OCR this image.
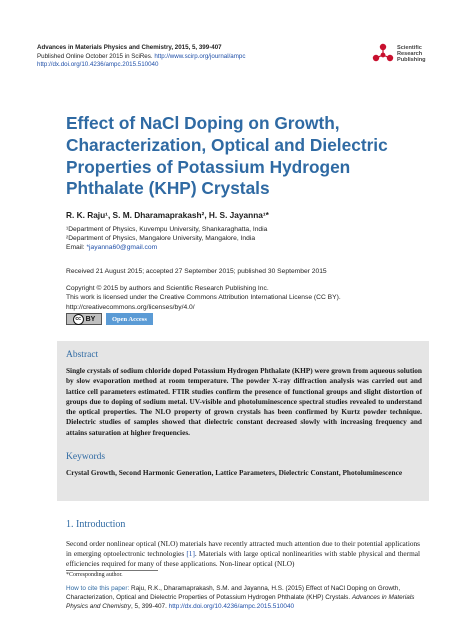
Advances in Materials Physics and Chemistry, 2015, 5, 399-407
Published Online October 2015 in SciRes. http://www.scirp.org/journal/ampc
http://dx.doi.org/10.4236/ampc.2015.510040
Scientific
Research
Publishing
Effect of NaCl Doping on Growth, Characterization, Optical and Dielectric Properties of Potassium Hydrogen Phthalate (KHP) Crystals
R. K. Raju¹, S. M. Dharamaprakash², H. S. Jayanna¹*
¹Department of Physics, Kuvempu University, Shankaraghatta, India
²Department of Physics, Mangalore University, Mangalore, India
Email: *jayanna60@gmail.com
Received 21 August 2015; accepted 27 September 2015; published 30 September 2015
Copyright © 2015 by authors and Scientific Research Publishing Inc.
This work is licensed under the Creative Commons Attribution International License (CC BY).
http://creativecommons.org/licenses/by/4.0/
cc BY	Open Access
Abstract
Single crystals of sodium chloride doped Potassium Hydrogen Phthalate (KHP) were grown from aqueous solution by slow evaporation method at room temperature. The powder X-ray diffraction analysis was carried out and lattice cell parameters estimated. FTIR studies confirm the presence of functional groups and slight distortion of groups due to doping of sodium metal. UV-visible and photoluminescence spectral studies revealed to understand the optical properties. The NLO property of grown crystals has been confirmed by Kurtz powder technique. Dielectric studies of samples showed that dielectric constant decreased slowly with increasing frequency and attains saturation at higher frequencies.
Keywords
Crystal Growth, Second Harmonic Generation, Lattice Parameters, Dielectric Constant, Photoluminescence
1. Introduction
Second order nonlinear optical (NLO) materials have recently attracted much attention due to their potential applications in emerging optoelectronic technologies [1]. Materials with large optical nonlinearities with stable physical and thermal efficiencies required for many of these applications. Non-linear optical (NLO)
*Corresponding author.
How to cite this paper: Raju, R.K., Dharamaprakash, S.M. and Jayanna, H.S. (2015) Effect of NaCl Doping on Growth, Characterization, Optical and Dielectric Properties of Potassium Hydrogen Phthalate (KHP) Crystals. Advances in Materials Physics and Chemistry, 5, 399-407. http://dx.doi.org/10.4236/ampc.2015.510040
